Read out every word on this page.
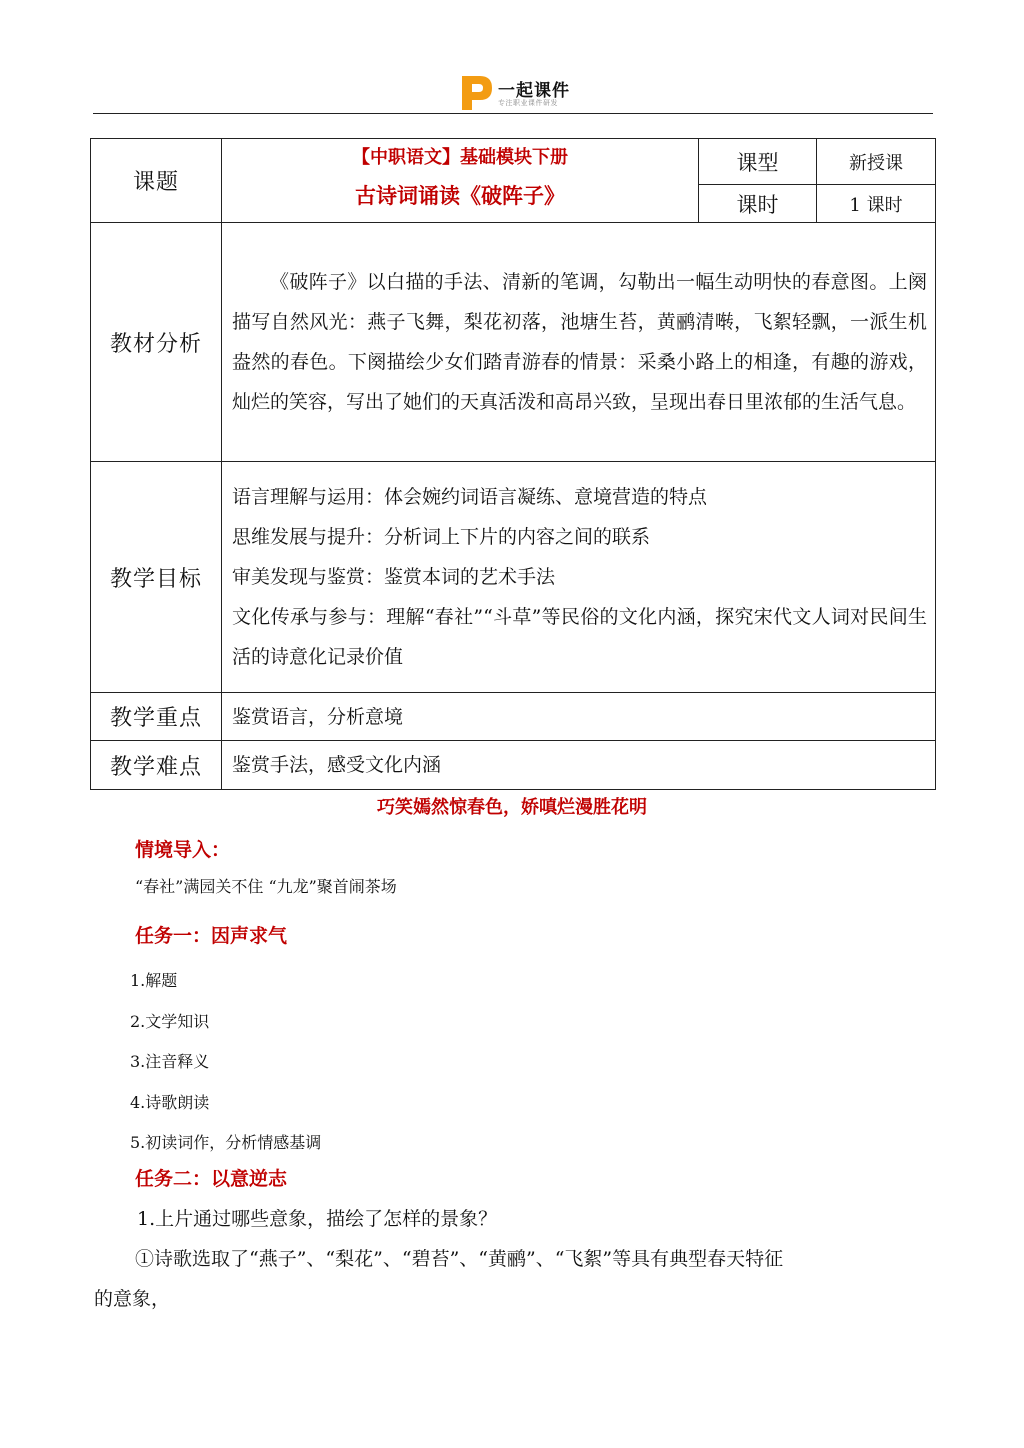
一起课件
专注职业课件研发
课题	【中职语文】基础模块下册
古诗词诵读《破阵子》	课型	新授课
		课时	1 课时
教材分析	《破阵子》以白描的手法、清新的笔调，勾勒出一幅生动明快的春意图。上阕描写自然风光：燕子飞舞，梨花初落，池塘生苔，黄鹂清啭，飞絮轻飘，一派生机盎然的春色。下阕描绘少女们踏青游春的情景：采桑小路上的相逢，有趣的游戏，灿烂的笑容，写出了她们的天真活泼和高昂兴致，呈现出春日里浓郁的生活气息。		

教学目标	语言理解与运用：体会婉约词语言凝练、意境营造的特点

思维发展与提升：分析词上下片的内容之间的联系

审美发现与鉴赏：鉴赏本词的艺术手法

文化传承与参与：理解“春社”“斗草”等民俗的文化内涵，探究宋代文人词对民间生活的诗意化记录价值		

教学重点	鉴赏语言，分析意境		
教学难点	鉴赏手法，感受文化内涵		
巧笑嫣然惊春色，娇嗔烂漫胜花明
情境导入：
“春社”满园关不住 “九龙”聚首闹茶场
任务一：因声求气
1.解题
2.文学知识
3.注音释义
4.诗歌朗读
5.初读词作，分析情感基调
任务二：以意逆志
1.上片通过哪些意象，描绘了怎样的景象？
①诗歌选取了“燕子”、“梨花”、“碧苔”、“黄鹂”、“飞絮”等具有典型春天特征
的意象，
